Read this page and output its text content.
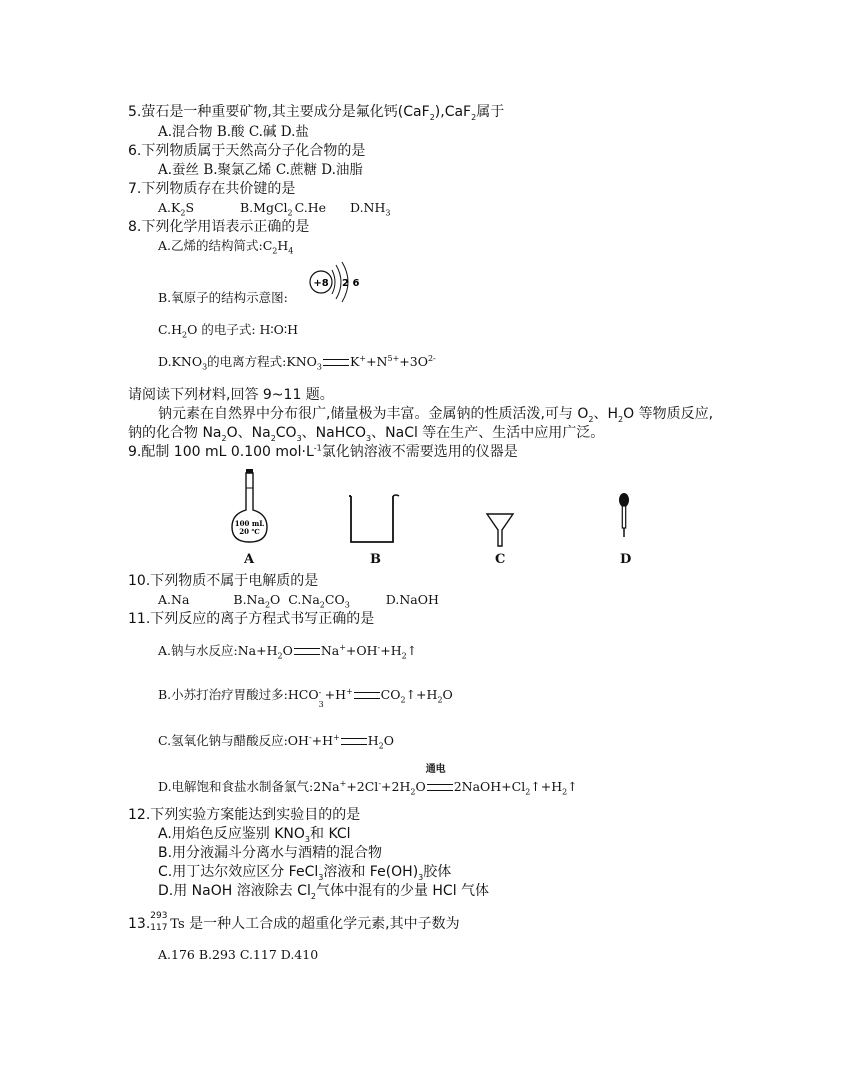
5.萤石是一种重要矿物,其主要成分是氟化钙(CaF$_2$),CaF$_2$属于
A.混合物 B.酸 C.碱 D.盐
6.下列物质属于天然高分子化合物的是
A.蚕丝 B.聚氯乙烯 C.蔗糖 D.油脂
7.下列物质存在共价键的是
$A.K_2S$	B.MgCl$_2$ C.He $D.NH_3$
8.下列化学用语表示正确的是
A.乙烯的结构简式$:C_2H_4$
B.氧原子的结构示意图:
+8 2 6
$C.H_2O$ 的电子式: H∶O∶H
$D.KNO_3$的电离方程式$:KNO_3$ $K^++N^{5+}+3O^{2-}$
请阅读下列材料,回答 9~11 题。
钠元素在自然界中分布很广,储量极为丰富。金属钠的性质活泼,可与 $O_2$、$H_2O$ 等物质反应,
钠的化合物 $Na_2O$、$Na_2CO_3$、NaHCO$_3$、NaCl 等在生产、生活中应用广泛。
9.配制 100 mL 0.100 $mol\cdot L^{-1}$氯化钠溶液不需要选用的仪器是
100 mL
20 ℃
A	B	C	D
10.下列物质不属于电解质的是
A.Na	$B.Na_2O$ $C.Na_2CO_3$	D.NaOH
11.下列反应的离子方程式书写正确的是
A.钠与水反应$:Na+H_2O$ $Na^++OH^-+H_2↑$
B.小苏打治疗胃酸过多:HCO -
3
+H+ $CO_2↑+H_2O$
C.氢氧化钠与醋酸反应:OH-+H+ $H_2O$
D.电解饱和食盐水制备氯气$:2Na^++2Cl^-+2H_2O$
通电
$2NaOH+Cl_2↑+H_2↑$
12.下列实验方案能达到实验目的的是
A.用焰色反应鉴别 $KNO_3$和 KCl
B.用分液漏斗分离水与酒精的混合物
C.用丁达尔效应区分 FeCl$_3$溶液和 $Fe(OH)_3$胶体
D.用 NaOH 溶液除去 $Cl_2$气体中混有的少量 HCl 气体
13. 293
117 Ts 是一种人工合成的超重化学元素,其中子数为
A.176 B.293 C.117 D.410
